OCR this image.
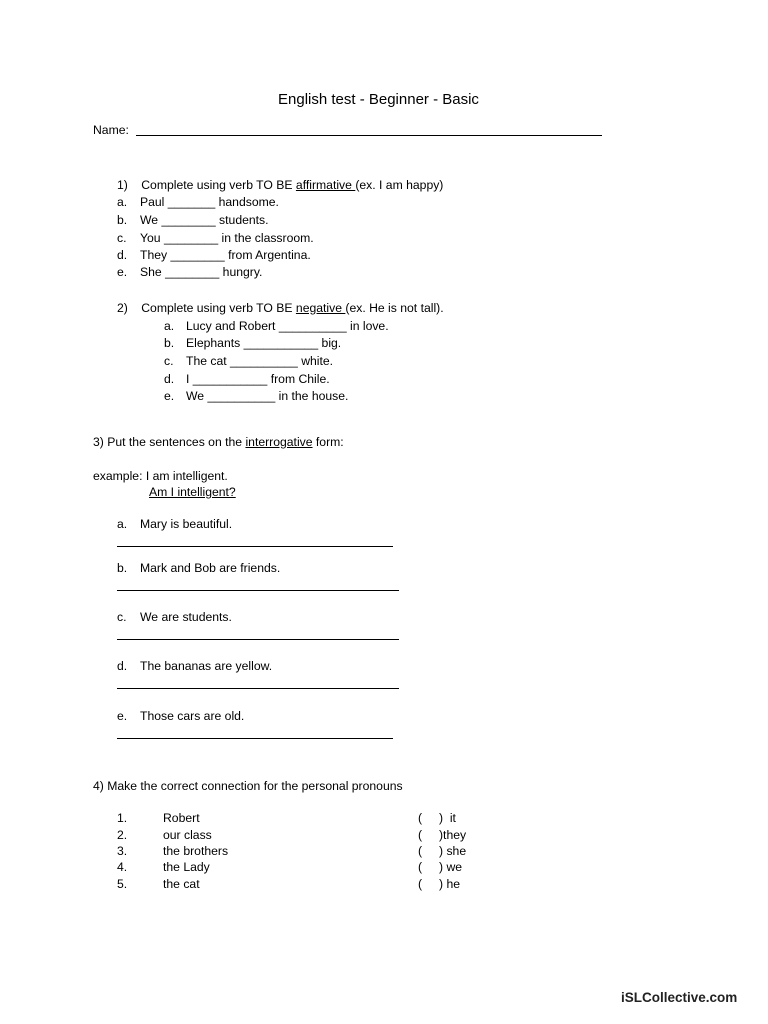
English test - Beginner - Basic
Name:
1) Complete using verb TO BE affirmative (ex. I am happy)
a. Paul _______ handsome.
b. We ________ students.
c. You ________ in the classroom.
d. They ________ from Argentina.
e. She ________ hungry.
2) Complete using verb TO BE negative (ex. He is not tall).
a. Lucy and Robert __________ in love.
b. Elephants ___________ big.
c. The cat __________ white.
d. I ___________ from Chile.
e. We __________ in the house.
3) Put the sentences on the interrogative form:
example: I am intelligent.
Am I intelligent?
a. Mary is beautiful.
b. Mark and Bob are friends.
c. We are students.
d. The bananas are yellow.
e. Those cars are old.
4) Make the correct connection for the personal pronouns
1.	Robert	( )  it
2.	our class	( )they
3.	the brothers	( ) she
4.	the Lady	( ) we
5.	the cat	( ) he
iSLCollective.com
